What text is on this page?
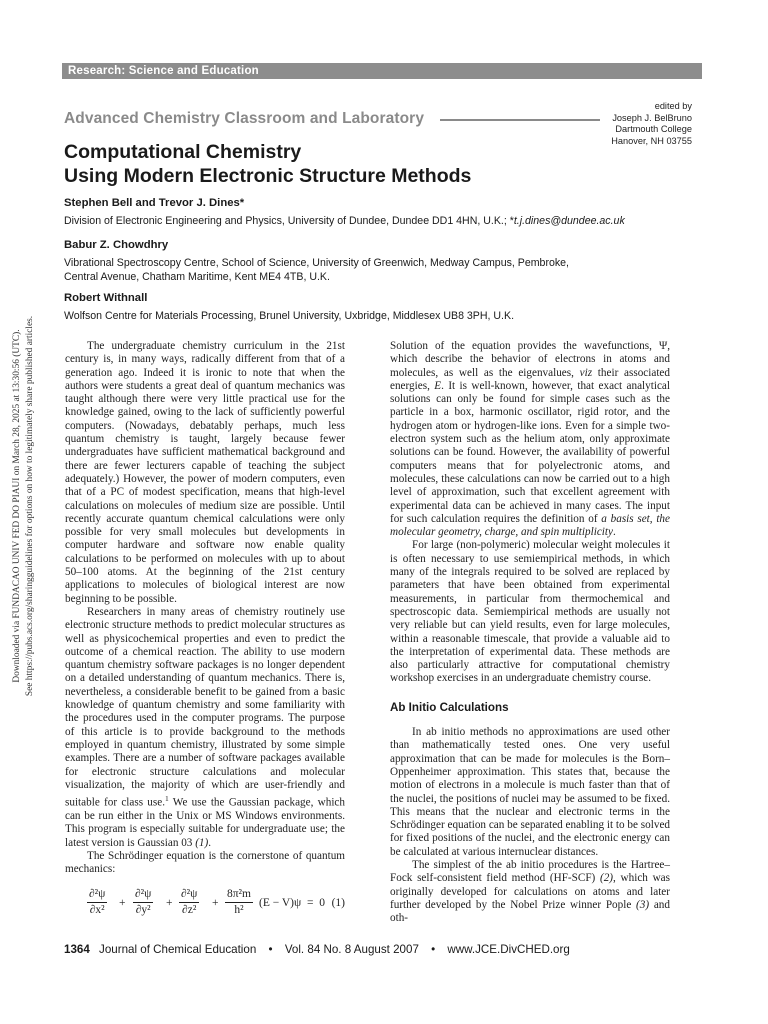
Research: Science and Education
Advanced Chemistry Classroom and Laboratory
edited by
Joseph J. BelBruno
Dartmouth College
Hanover, NH 03755
Computational Chemistry
Using Modern Electronic Structure Methods
Stephen Bell and Trevor J. Dines*
Division of Electronic Engineering and Physics, University of Dundee, Dundee DD1 4HN, U.K.; *t.j.dines@dundee.ac.uk
Babur Z. Chowdhry
Vibrational Spectroscopy Centre, School of Science, University of Greenwich, Medway Campus, Pembroke,
Central Avenue, Chatham Maritime, Kent ME4 4TB, U.K.
Robert Withnall
Wolfson Centre for Materials Processing, Brunel University, Uxbridge, Middlesex UB8 3PH, U.K.
Downloaded via FUNDACAO UNIV FED DO PIAUI on March 28, 2025 at 13:30:56 (UTC). See https://pubs.acs.org/sharingguidelines for options on how to legitimately share published articles.	The undergraduate chemistry curriculum in the 21st century is, in many ways, radically different from that of a generation ago. Indeed it is ironic to note that when the authors were students a great deal of quantum mechanics was taught although there were very little practical use for the knowledge gained, owing to the lack of sufficiently powerful computers. (Nowadays, debatably perhaps, much less quantum chemistry is taught, largely because fewer undergraduates have sufficient mathematical background and there are fewer lecturers capable of teaching the subject adequately.) However, the power of modern computers, even that of a PC of modest specification, means that high-level calculations on molecules of medium size are possible. Until recently accurate quantum chemical calculations were only possible for very small molecules but developments in computer hardware and software now enable quality calculations to be performed on molecules with up to about 50–100 atoms. At the beginning of the 21st century applications to molecules of biological interest are now beginning to be possible.

Researchers in many areas of chemistry routinely use electronic structure methods to predict molecular structures as well as physicochemical properties and even to predict the outcome of a chemical reaction. The ability to use modern quantum chemistry software packages is no longer dependent on a detailed understanding of quantum mechanics. There is, nevertheless, a considerable benefit to be gained from a basic knowledge of quantum chemistry and some familiarity with the procedures used in the computer programs. The purpose of this article is to provide background to the methods employed in quantum chemistry, illustrated by some simple examples. There are a number of software packages available for electronic structure calculations and molecular visualization, the majority of which are user-friendly and suitable for class use.$^1$ We use the Gaussian package, which can be run either in the Unix or MS Windows environments. This program is especially suitable for undergraduate use; the latest version is Gaussian 03 (1).

The Schrödinger equation is the cornerstone of quantum mechanics:

$\frac{\text{∂²ψ}}{\text{∂x²}} + \frac{\text{∂²ψ}}{\text{∂y²}} + \frac{\text{∂²ψ}}{\text{∂z²}} + \frac{\text{8π²m}}{\text{h²}} (E - V)\psi = 0$ (1)

Solution of the equation provides the wavefunctions, Ψ, which describe the behavior of electrons in atoms and molecules, as well as the eigenvalues, viz their associated energies, E. It is well-known, however, that exact analytical solutions can only be found for simple cases such as the particle in a box, harmonic oscillator, rigid rotor, and the hydrogen atom or hydrogen-like ions. Even for a simple two-electron system such as the helium atom, only approximate solutions can be found. However, the availability of powerful computers means that for polyelectronic atoms, and molecules, these calculations can now be carried out to a high level of approximation, such that excellent agreement with experimental data can be achieved in many cases. The input for such calculation requires the definition of a basis set, the molecular geometry, charge, and spin multiplicity.

For large (non-polymeric) molecular weight molecules it is often necessary to use semiempirical methods, in which many of the integrals required to be solved are replaced by parameters that have been obtained from experimental measurements, in particular from thermochemical and spectroscopic data. Semiempirical methods are usually not very reliable but can yield results, even for large molecules, within a reasonable timescale, that provide a valuable aid to the interpretation of experimental data. These methods are also particularly attractive for computational chemistry workshop exercises in an undergraduate chemistry course.

Ab Initio Calculations

In ab initio methods no approximations are used other than mathematically tested ones. One very useful approximation that can be made for molecules is the Born–Oppenheimer approximation. This states that, because the motion of electrons in a molecule is much faster than that of the nuclei, the positions of nuclei may be assumed to be fixed. This means that the nuclear and electronic terms in the Schrödinger equation can be separated enabling it to be solved for fixed positions of the nuclei, and the electronic energy can be calculated at various internuclear distances.

The simplest of the ab initio procedures is the Hartree–Fock self-consistent field method (HF-SCF) (2), which was originally developed for calculations on atoms and later further developed by the Nobel Prize winner Pople (3) and oth-

1364 Journal of Chemical Education • Vol. 84 No. 8 August 2007 • www.JCE.DivCHED.org
